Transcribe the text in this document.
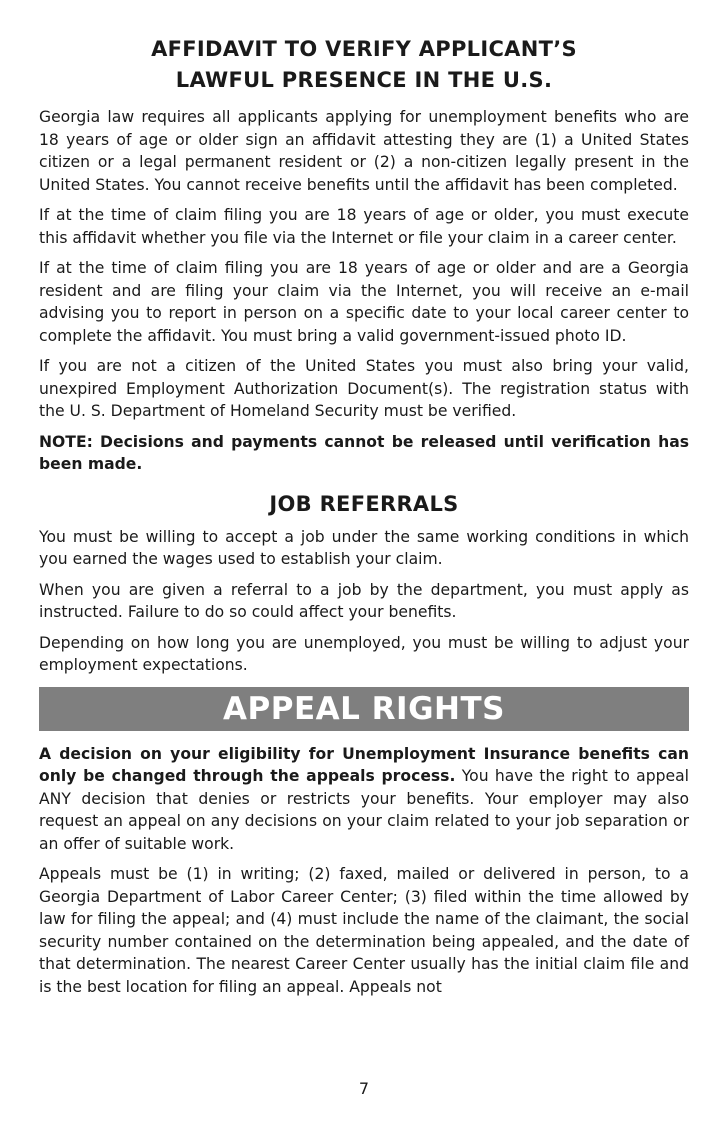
AFFIDAVIT TO VERIFY APPLICANT’S
LAWFUL PRESENCE IN THE U.S.

Georgia law requires all applicants applying for unemployment benefits who are 18 years of age or older sign an affidavit attesting they are (1) a United States citizen or a legal permanent resident or (2) a non-citizen legally present in the United States. You cannot receive benefits until the affidavit has been completed.

If at the time of claim filing you are 18 years of age or older, you must execute this affidavit whether you file via the Internet or file your claim in a career center.

If at the time of claim filing you are 18 years of age or older and are a Georgia resident and are filing your claim via the Internet, you will receive an e-mail advising you to report in person on a specific date to your local career center to complete the affidavit. You must bring a valid government-issued photo ID.

If you are not a citizen of the United States you must also bring your valid, unexpired Employment Authorization Document(s). The registration status with the U. S. Department of Homeland Security must be verified.

NOTE: Decisions and payments cannot be released until verification has been made.

JOB REFERRALS

You must be willing to accept a job under the same working conditions in which you earned the wages used to establish your claim.

When you are given a referral to a job by the department, you must apply as instructed. Failure to do so could affect your benefits.

Depending on how long you are unemployed, you must be willing to adjust your employment expectations.

APPEAL RIGHTS

A decision on your eligibility for Unemployment Insurance benefits can only be changed through the appeals process. You have the right to appeal ANY decision that denies or restricts your benefits. Your employer may also request an appeal on any decisions on your claim related to your job separation or an offer of suitable work.

Appeals must be (1) in writing; (2) faxed, mailed or delivered in person, to a Georgia Department of Labor Career Center; (3) filed within the time allowed by law for filing the appeal; and (4) must include the name of the claimant, the social security number contained on the determination being appealed, and the date of that determination. The nearest Career Center usually has the initial claim file and is the best location for filing an appeal. Appeals not

7
